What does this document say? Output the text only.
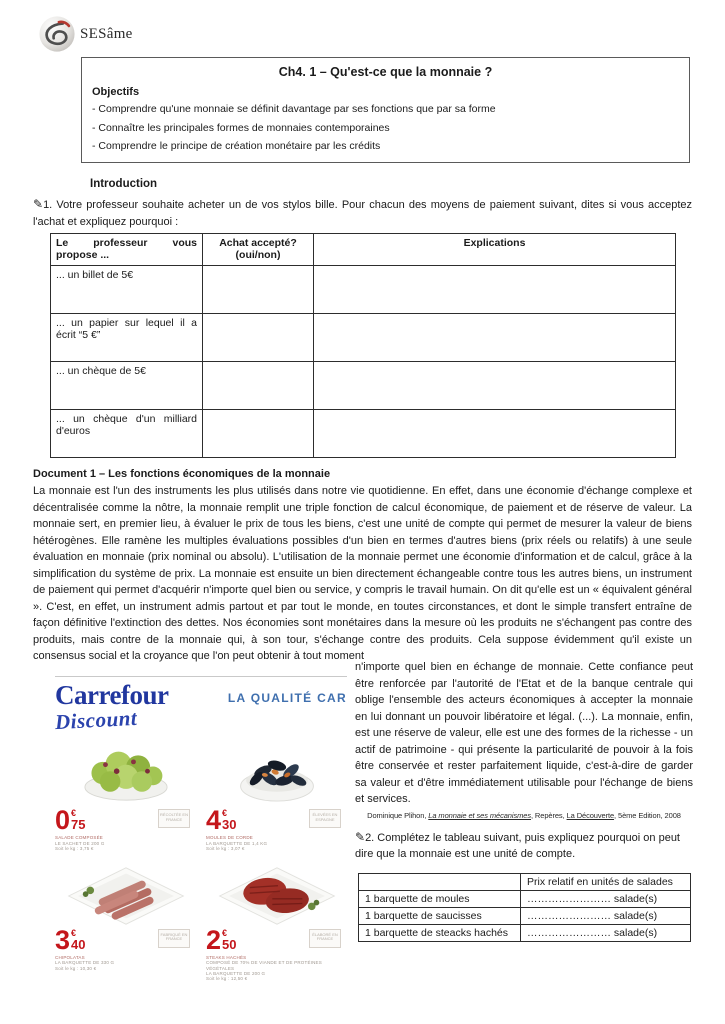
SESâme
Ch4. 1 – Qu'est-ce que la monnaie ?
Objectifs
- Comprendre qu'une monnaie se définit davantage par ses fonctions que par sa forme
- Connaître les principales formes de monnaies contemporaines
- Comprendre le principe de création monétaire par les crédits
Introduction
✎1. Votre professeur souhaite acheter un de vos stylos bille. Pour chacun des moyens de paiement suivant, dites si vous acceptez l'achat et expliquez pourquoi :
Le professeur vous propose ...	Achat accepté? (oui/non)	Explications
... un billet de 5€		
... un papier sur lequel il a écrit “5 €”		
... un chèque de 5€		
... un chèque d'un milliard d'euros		
Document 1 – Les fonctions économiques de la monnaie
La monnaie est l'un des instruments les plus utilisés dans notre vie quotidienne. En effet, dans une économie d'échange complexe et décentralisée comme la nôtre, la monnaie remplit une triple fonction de calcul économique, de paiement et de réserve de valeur. La monnaie sert, en premier lieu, à évaluer le prix de tous les biens, c'est une unité de compte qui permet de mesurer la valeur de biens hétérogènes. Elle ramène les multiples évaluations possibles d'un bien en termes d'autres biens (prix réels ou relatifs) à une seule évaluation en monnaie (prix nominal ou absolu). L'utilisation de la monnaie permet une économie d'information et de calcul, grâce à la simplification du système de prix. La monnaie est ensuite un bien directement échangeable contre tous les autres biens, un instrument de paiement qui permet d'acquérir n'importe quel bien ou service, y compris le travail humain. On dit qu'elle est un « équivalent général ». C'est, en effet, un instrument admis partout et par tout le monde, en toutes circonstances, et dont le simple transfert entraîne de façon définitive l'extinction des dettes. Nos économies sont monétaires dans la mesure où les produits ne s'échangent pas contre des produits, mais contre de la monnaie qui, à son tour, s'échange contre des produits. Cela suppose évidemment qu'il existe un consensus social et la croyance que l'on peut obtenir à tout moment

n'importe quel bien en échange de monnaie. Cette confiance peut être renforcée par l'autorité de l'Etat et de la banque centrale qui oblige l'ensemble des acteurs économiques à accepter la monnaie en lui donnant un pouvoir libératoire et légal. (...). La monnaie, enfin, est une réserve de valeur, elle est une des formes de la richesse - un actif de patrimoine - qui présente la particularité de pouvoir à la fois être conservée et rester parfaitement liquide, c'est-à-dire de garder sa valeur et d'être immédiatement utilisable pour l'échange de biens et services.

Dominique Plihon, La monnaie et ses mécanismes, Repères, La Découverte, 5ème Edition, 2008
✎2. Complétez le tableau suivant, puis expliquez pourquoi on peut dire que la monnaie est une unité de compte.
	Prix relatif en unités de salades
1 barquette de moules	…………………… salade(s)
1 barquette de saucisses	…………………… salade(s)
1 barquette de steacks hachés	…………………… salade(s)
Carrefour
Discount
LA QUALITÉ CAR
0 €
75
RÉCOLTÉE EN
FRANCE
SALADE COMPOSÉE
LE SACHET DE 200 G
Soit le kg : 3,75 €
4 €
30
ÉLEVÉES EN
ESPAGNE
MOULES DE CORDE
LA BARQUETTE DE 1,4 KG
Soit le kg : 3,07 €
3 €
40
FABRIQUÉ EN
FRANCE
CHIPOLATAS
LA BARQUETTE DE 330 G
Soit le kg : 10,30 €
2 €
50
ÉLABORÉ EN
FRANCE
STEAKS HACHÉS
COMPOSÉ DE 70% DE VIANDE ET DE PROTÉINES VÉGÉTALES
LA BARQUETTE DE 200 G
Soit le kg : 12,50 €
